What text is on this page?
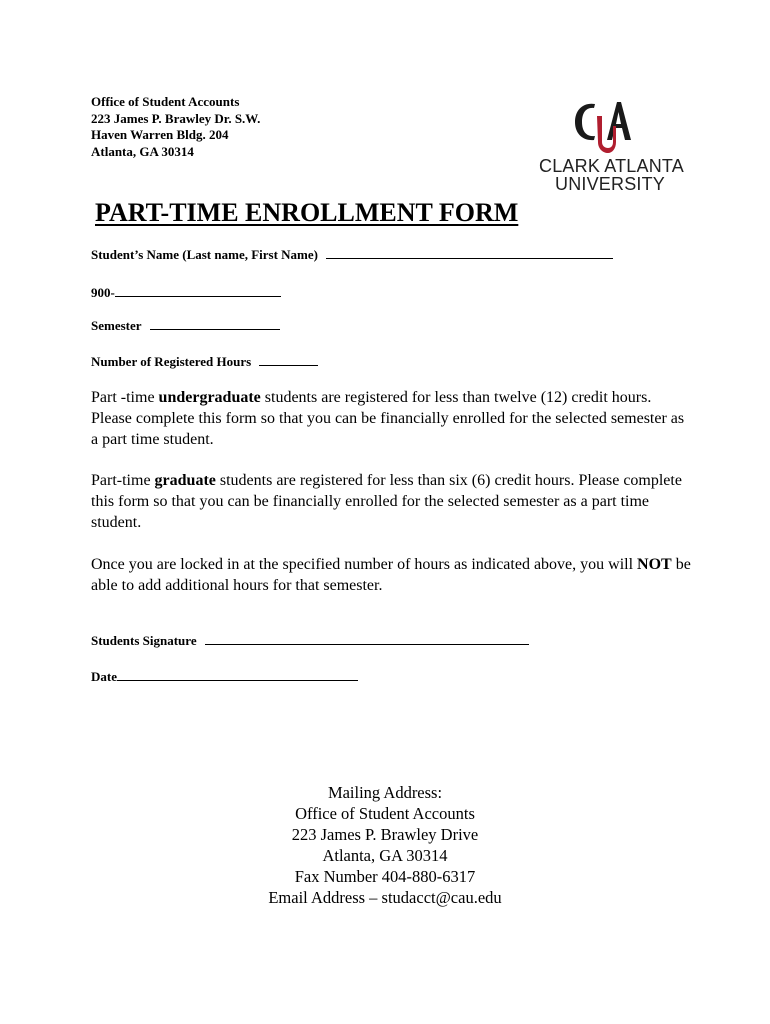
Office of Student Accounts
223 James P. Brawley Dr. S.W.
Haven Warren Bldg. 204
Atlanta, GA 30314
CLARK ATLANTA
UNIVERSITY
PART-TIME ENROLLMENT FORM
Student’s Name (Last name, First Name)
900-
Semester
Number of Registered Hours
Part -time undergraduate students are registered for less than twelve (12) credit hours. Please complete this form so that you can be financially enrolled for the selected semester as a part time student.
Part-time graduate students are registered for less than six (6) credit hours. Please complete this form so that you can be financially enrolled for the selected semester as a part time student.
Once you are locked in at the specified number of hours as indicated above, you will NOT be able to add additional hours for that semester.
Students Signature
Date
Mailing Address:
Office of Student Accounts
223 James P. Brawley Drive
Atlanta, GA 30314
Fax Number 404-880-6317
Email Address – studacct@cau.edu
